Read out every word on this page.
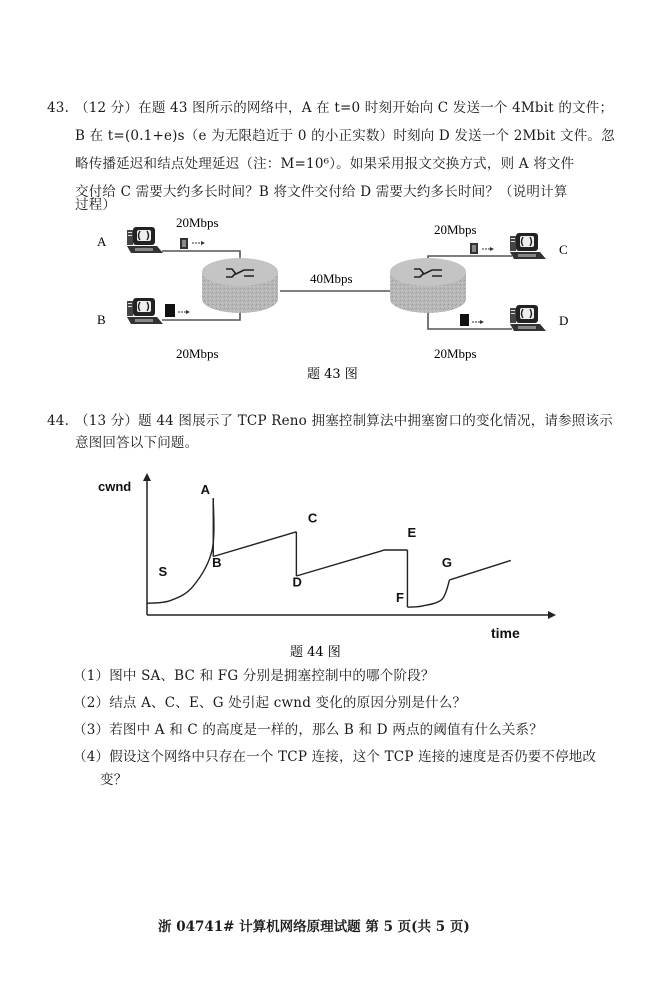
43. （12 分）在题 43 图所示的网络中，A 在 t=0 时刻开始向 C 发送一个 4Mbit 的文件；
B 在 t=(0.1+e)s（e 为无限趋近于 0 的小正实数）时刻向 D 发送一个 2Mbit 文件。忽
略传播延迟和结点处理延迟（注：M=10⁶）。如果采用报文交换方式，则 A 将文件
交付给 C 需要大约多长时间？B 将文件交付给 D 需要大约多长时间？（说明计算
过程）
A
B
C
D
20Mbps
20Mbps
40Mbps
20Mbps
20Mbps
题 43 图
44. （13 分）题 44 图展示了 TCP Reno 拥塞控制算法中拥塞窗口的变化情况，请参照该示
意图回答以下问题。
S
A
B
C
D
E
F
G
cwnd
time
题 44 图
（1）图中 SA、BC 和 FG 分别是拥塞控制中的哪个阶段？
（2）结点 A、C、E、G 处引起 cwnd 变化的原因分别是什么？
（3）若图中 A 和 C 的高度是一样的，那么 B 和 D 两点的阈值有什么关系？
（4）假设这个网络中只存在一个 TCP 连接，这个 TCP 连接的速度是否仍要不停地改
变？
浙 04741# 计算机网络原理试题 第 5 页(共 5 页)
